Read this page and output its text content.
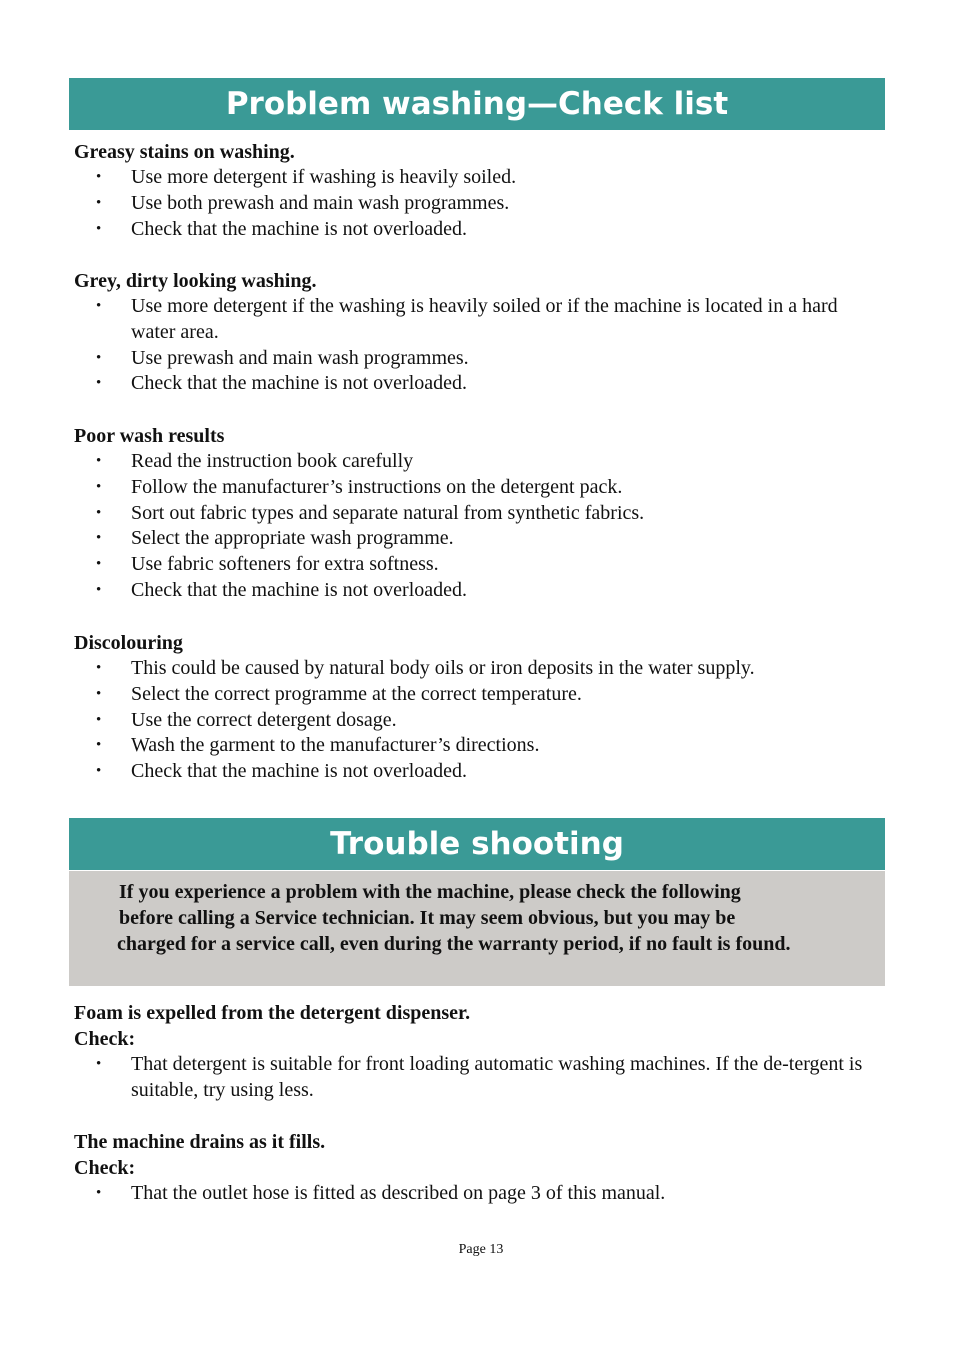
Problem washing—Check list

Greasy stains on washing.

• Use more detergent if washing is heavily soiled.
• Use both prewash and main wash programmes.
• Check that the machine is not overloaded.

Grey, dirty looking washing.

• Use more detergent if the washing is heavily soiled or if the machine is located in a hard water area.
• Use prewash and main wash programmes.
• Check that the machine is not overloaded.

Poor wash results

• Read the instruction book carefully
• Follow the manufacturer’s instructions on the detergent pack.
• Sort out fabric types and separate natural from synthetic fabrics.
• Select the appropriate wash programme.
• Use fabric softeners for extra softness.
• Check that the machine is not overloaded.

Discolouring

• This could be caused by natural body oils or iron deposits in the water supply.
• Select the correct programme at the correct temperature.
• Use the correct detergent dosage.
• Wash the garment to the manufacturer’s directions.
• Check that the machine is not overloaded.
Trouble shooting
If you experience a problem with the machine, please check the following
before calling a Service technician. It may seem obvious, but you may be
charged for a service call, even during the warranty period, if no fault is found.

Foam is expelled from the detergent dispenser.

Check:

• That detergent is suitable for front loading automatic washing machines. If the de-tergent is suitable, try using less.

The machine drains as it fills.

Check:

• That the outlet hose is fitted as described on page 3 of this manual.
Page 13
